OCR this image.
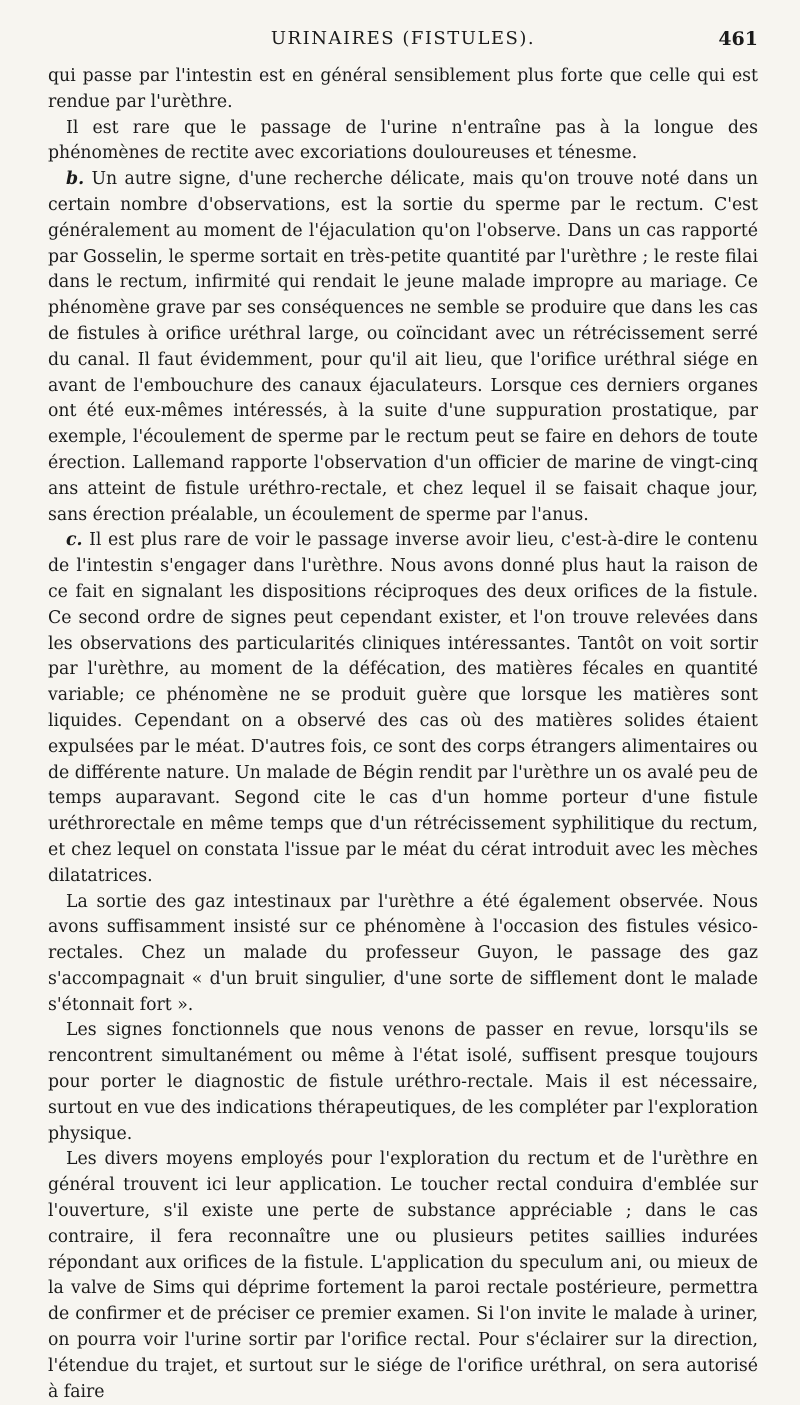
URINAIRES (FISTULES).	461

qui passe par l'intestin est en général sensiblement plus forte que celle qui est rendue par l'urèthre.

Il est rare que le passage de l'urine n'entraîne pas à la longue des phénomènes de rectite avec excoriations douloureuses et ténesme.

b. Un autre signe, d'une recherche délicate, mais qu'on trouve noté dans un certain nombre d'observations, est la sortie du sperme par le rectum. C'est généralement au moment de l'éjaculation qu'on l'observe. Dans un cas rapporté par Gosselin, le sperme sortait en très-petite quantité par l'urèthre ; le reste filai dans le rectum, infirmité qui rendait le jeune malade impropre au mariage. Ce phénomène grave par ses conséquences ne semble se produire que dans les cas de fistules à orifice uréthral large, ou coïncidant avec un rétrécissement serré du canal. Il faut évidemment, pour qu'il ait lieu, que l'orifice uréthral siége en avant de l'embouchure des canaux éjaculateurs. Lorsque ces derniers organes ont été eux-mêmes intéressés, à la suite d'une suppuration prostatique, par exemple, l'écoulement de sperme par le rectum peut se faire en dehors de toute érection. Lallemand rapporte l'observation d'un officier de marine de vingt-cinq ans atteint de fistule uréthro-rectale, et chez lequel il se faisait chaque jour, sans érection préalable, un écoulement de sperme par l'anus.

c. Il est plus rare de voir le passage inverse avoir lieu, c'est-à-dire le contenu de l'intestin s'engager dans l'urèthre. Nous avons donné plus haut la raison de ce fait en signalant les dispositions réciproques des deux orifices de la fistule. Ce second ordre de signes peut cependant exister, et l'on trouve relevées dans les observations des particularités cliniques intéressantes. Tantôt on voit sortir par l'urèthre, au moment de la défécation, des matières fécales en quantité variable; ce phénomène ne se produit guère que lorsque les matières sont liquides. Cependant on a observé des cas où des matières solides étaient expulsées par le méat. D'autres fois, ce sont des corps étrangers alimentaires ou de différente nature. Un malade de Bégin rendit par l'urèthre un os avalé peu de temps auparavant. Segond cite le cas d'un homme porteur d'une fistule uréthrorectale en même temps que d'un rétrécissement syphilitique du rectum, et chez lequel on constata l'issue par le méat du cérat introduit avec les mèches dilatatrices.

La sortie des gaz intestinaux par l'urèthre a été également observée. Nous avons suffisamment insisté sur ce phénomène à l'occasion des fistules vésico-rectales. Chez un malade du professeur Guyon, le passage des gaz s'accompagnait « d'un bruit singulier, d'une sorte de sifflement dont le malade s'étonnait fort ».

Les signes fonctionnels que nous venons de passer en revue, lorsqu'ils se rencontrent simultanément ou même à l'état isolé, suffisent presque toujours pour porter le diagnostic de fistule uréthro-rectale. Mais il est nécessaire, surtout en vue des indications thérapeutiques, de les compléter par l'exploration physique.

Les divers moyens employés pour l'exploration du rectum et de l'urèthre en général trouvent ici leur application. Le toucher rectal conduira d'emblée sur l'ouverture, s'il existe une perte de substance appréciable ; dans le cas contraire, il fera reconnaître une ou plusieurs petites saillies indurées répondant aux orifices de la fistule. L'application du speculum ani, ou mieux de la valve de Sims qui déprime fortement la paroi rectale postérieure, permettra de confirmer et de préciser ce premier examen. Si l'on invite le malade à uriner, on pourra voir l'urine sortir par l'orifice rectal. Pour s'éclairer sur la direction, l'étendue du trajet, et surtout sur le siége de l'orifice uréthral, on sera autorisé à faire
